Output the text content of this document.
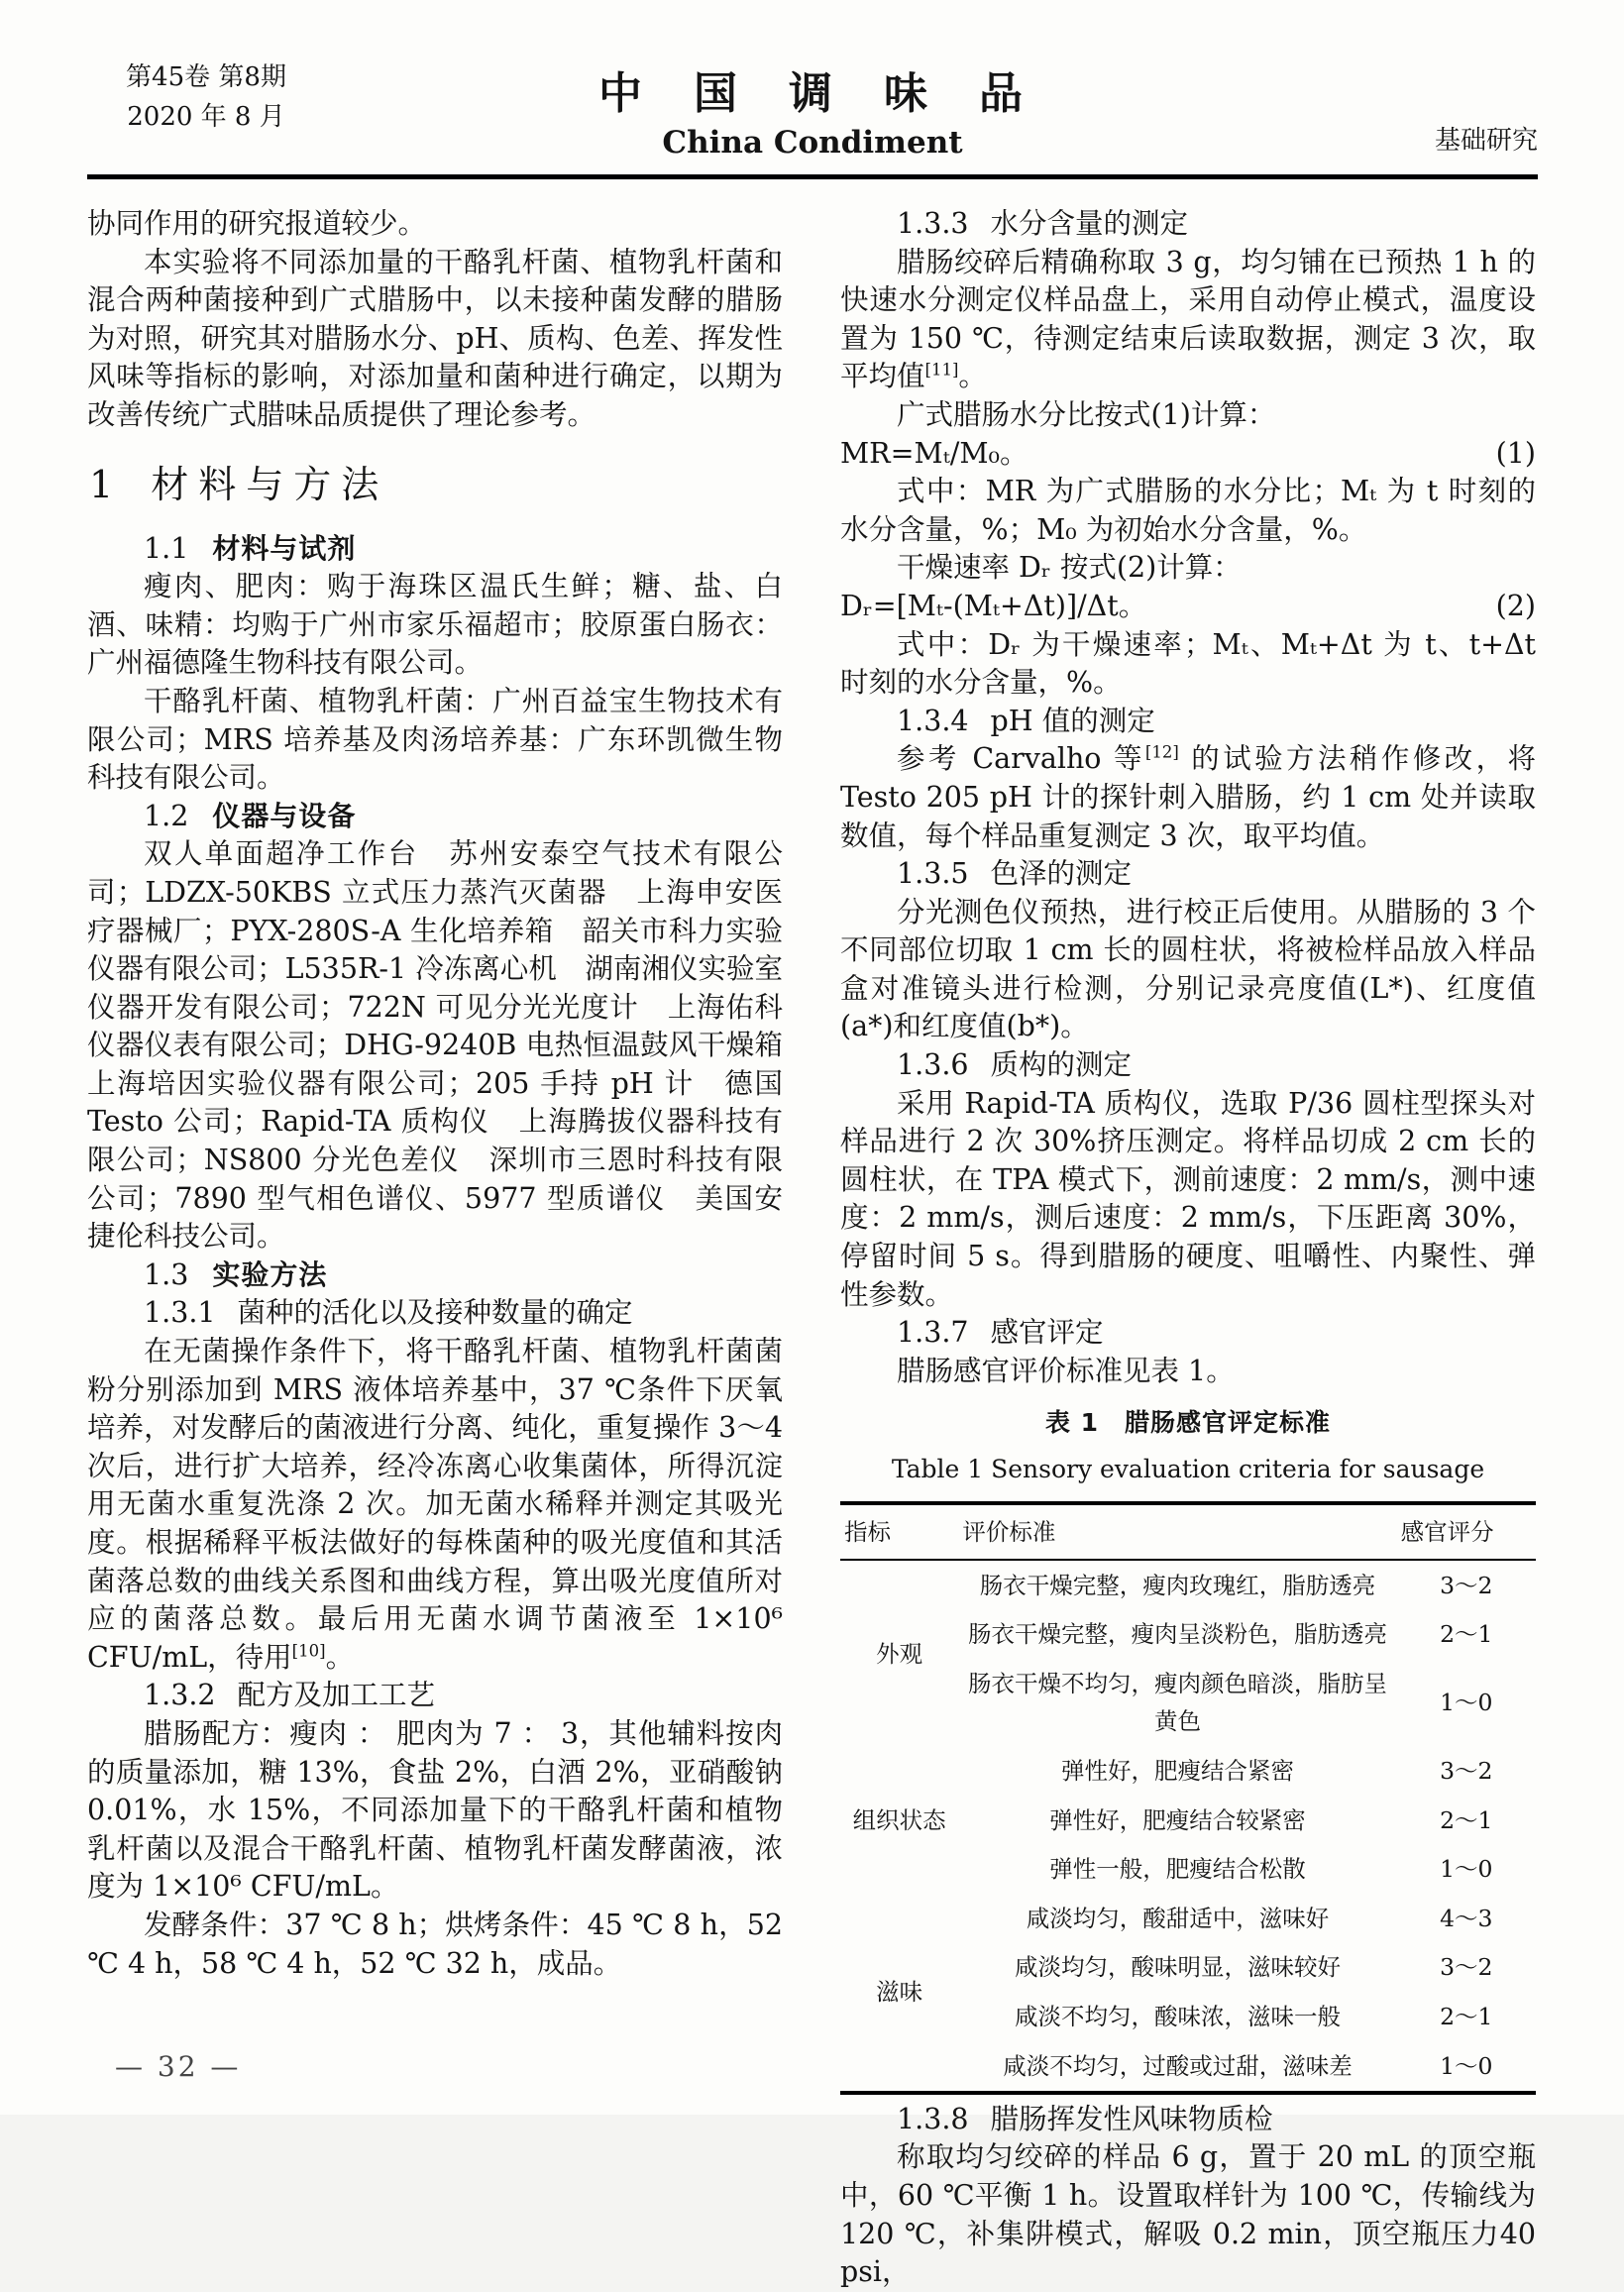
第45卷 第8期
2020 年 8 月	中　国　调　味　品
China Condiment	基础研究

协同作用的研究报道较少。

本实验将不同添加量的干酪乳杆菌、植物乳杆菌和混合两种菌接种到广式腊肠中，以未接种菌发酵的腊肠为对照，研究其对腊肠水分、pH、质构、色差、挥发性风味等指标的影响，对添加量和菌种进行确定，以期为改善传统广式腊味品质提供了理论参考。

1 材料与方法

1.1 材料与试剂

瘦肉、肥肉：购于海珠区温氏生鲜；糖、盐、白酒、味精：均购于广州市家乐福超市；胶原蛋白肠衣：广州福德隆生物科技有限公司。

干酪乳杆菌、植物乳杆菌：广州百益宝生物技术有限公司；MRS 培养基及肉汤培养基：广东环凯微生物科技有限公司。

1.2 仪器与设备

双人单面超净工作台　苏州安泰空气技术有限公司；LDZX-50KBS 立式压力蒸汽灭菌器　上海申安医疗器械厂；PYX-280S-A 生化培养箱　韶关市科力实验仪器有限公司；L535R-1 冷冻离心机　湖南湘仪实验室仪器开发有限公司；722N 可见分光光度计　上海佑科仪器仪表有限公司；DHG-9240B 电热恒温鼓风干燥箱　上海培因实验仪器有限公司；205 手持 pH 计　德国 Testo 公司；Rapid-TA 质构仪　上海腾拔仪器科技有限公司；NS800 分光色差仪　深圳市三恩时科技有限公司；7890 型气相色谱仪、5977 型质谱仪　美国安捷伦科技公司。

1.3 实验方法

1.3.1 菌种的活化以及接种数量的确定

在无菌操作条件下，将干酪乳杆菌、植物乳杆菌菌粉分别添加到 MRS 液体培养基中，37 ℃条件下厌氧培养，对发酵后的菌液进行分离、纯化，重复操作 3～4 次后，进行扩大培养，经冷冻离心收集菌体，所得沉淀用无菌水重复洗涤 2 次。加无菌水稀释并测定其吸光度。根据稀释平板法做好的每株菌种的吸光度值和其活菌落总数的曲线关系图和曲线方程，算出吸光度值所对应的菌落总数。最后用无菌水调节菌液至 1×10⁶ CFU/mL，待用[10]。

1.3.2 配方及加工工艺

腊肠配方：瘦肉 ： 肥肉为 7 ： 3，其他辅料按肉的质量添加，糖 13%，食盐 2%，白酒 2%，亚硝酸钠 0.01%，水 15%，不同添加量下的干酪乳杆菌和植物乳杆菌以及混合干酪乳杆菌、植物乳杆菌发酵菌液，浓度为 1×10⁶ CFU/mL。

发酵条件：37 ℃ 8 h；烘烤条件：45 ℃ 8 h，52 ℃ 4 h，58 ℃ 4 h，52 ℃ 32 h，成品。

1.3.3 水分含量的测定

腊肠绞碎后精确称取 3 g，均匀铺在已预热 1 h 的快速水分测定仪样品盘上，采用自动停止模式，温度设置为 150 ℃，待测定结束后读取数据，测定 3 次，取平均值[11]。

广式腊肠水分比按式(1)计算：

MR=Mₜ/M₀。	(1)

式中：MR 为广式腊肠的水分比；Mₜ 为 t 时刻的水分含量，%；M₀ 为初始水分含量，%。

干燥速率 Dᵣ 按式(2)计算：

Dᵣ=[Mₜ-(Mₜ+Δt)]/Δt。	(2)

式中：Dᵣ 为干燥速率；Mₜ、Mₜ+Δt 为 t、t+Δt 时刻的水分含量，%。

1.3.4 pH 值的测定

参考 Carvalho 等[12] 的试验方法稍作修改，将 Testo 205 pH 计的探针刺入腊肠，约 1 cm 处并读取数值，每个样品重复测定 3 次，取平均值。

1.3.5 色泽的测定

分光测色仪预热，进行校正后使用。从腊肠的 3 个不同部位切取 1 cm 长的圆柱状，将被检样品放入样品盒对准镜头进行检测，分别记录亮度值(L*)、红度值(a*)和红度值(b*)。

1.3.6 质构的测定

采用 Rapid-TA 质构仪，选取 P/36 圆柱型探头对样品进行 2 次 30%挤压测定。将样品切成 2 cm 长的圆柱状，在 TPA 模式下，测前速度：2 mm/s，测中速度：2 mm/s，测后速度：2 mm/s，下压距离 30%，停留时间 5 s。得到腊肠的硬度、咀嚼性、内聚性、弹性参数。

1.3.7 感官评定

腊肠感官评价标准见表 1。

表 1　腊肠感官评定标准
Table 1 Sensory evaluation criteria for sausage
指标	评价标准	感官评分
外观	肠衣干燥完整，瘦肉玫瑰红，脂肪透亮	3～2
	肠衣干燥完整，瘦肉呈淡粉色，脂肪透亮	2～1
	肠衣干燥不均匀，瘦肉颜色暗淡，脂肪呈黄色	1～0
组织状态	弹性好，肥瘦结合紧密	3～2
	弹性好，肥瘦结合较紧密	2～1
	弹性一般，肥瘦结合松散	1～0
滋味	咸淡均匀，酸甜适中，滋味好	4～3
	咸淡均匀，酸味明显，滋味较好	3～2
	咸淡不均匀，酸味浓，滋味一般	2～1
	咸淡不均匀，过酸或过甜，滋味差	1～0

1.3.8 腊肠挥发性风味物质检

称取均匀绞碎的样品 6 g，置于 20 mL 的顶空瓶中，60 ℃平衡 1 h。设置取样针为 100 ℃，传输线为 120 ℃，补集阱模式，解吸 0.2 min，顶空瓶压力40 psi，

— 32 —
